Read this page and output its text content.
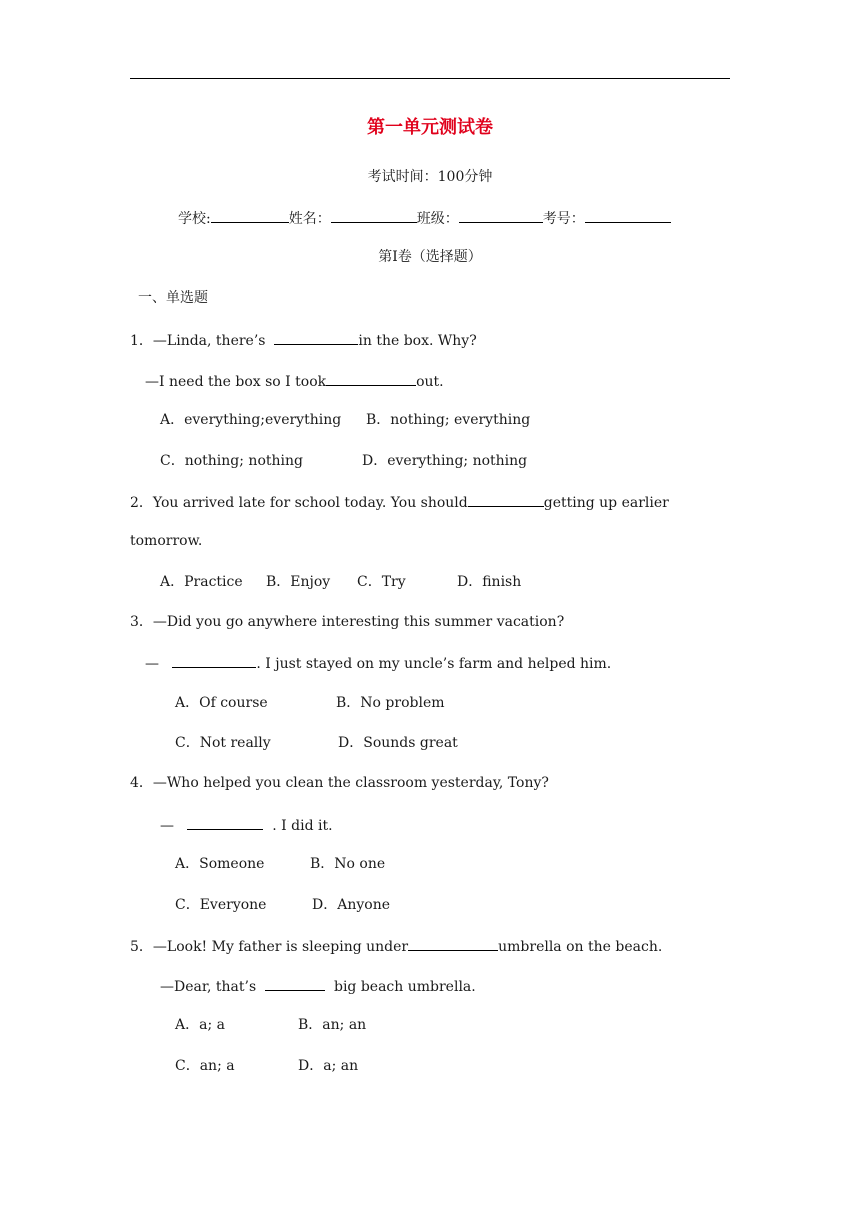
第一单元测试卷
考试时间：100分钟
学校:	姓名：	班级：	考号：
第I卷（选择题）
一、单选题
1．—Linda, there’s	in the box. Why?
—I need the box so I took	out.
A．everything;everything B．nothing; everything
C．nothing; nothing	D．everything; nothing
2．You arrived late for school today. You should	getting up earlier
tomorrow.
A．Practice B．Enjoy C．Try	D．finish
3．—Did you go anywhere interesting this summer vacation?
—	. I just stayed on my uncle’s farm and helped him.
A．Of course	B．No problem
C．Not really	D．Sounds great
4．—Who helped you clean the classroom yesterday, Tony?
—	. I did it.
A．Someone	B．No one
C．Everyone	D．Anyone
5．—Look! My father is sleeping under	umbrella on the beach.
—Dear, that’s	big beach umbrella.
A．a; a	B．an; an
C．an; a	D．a; an
